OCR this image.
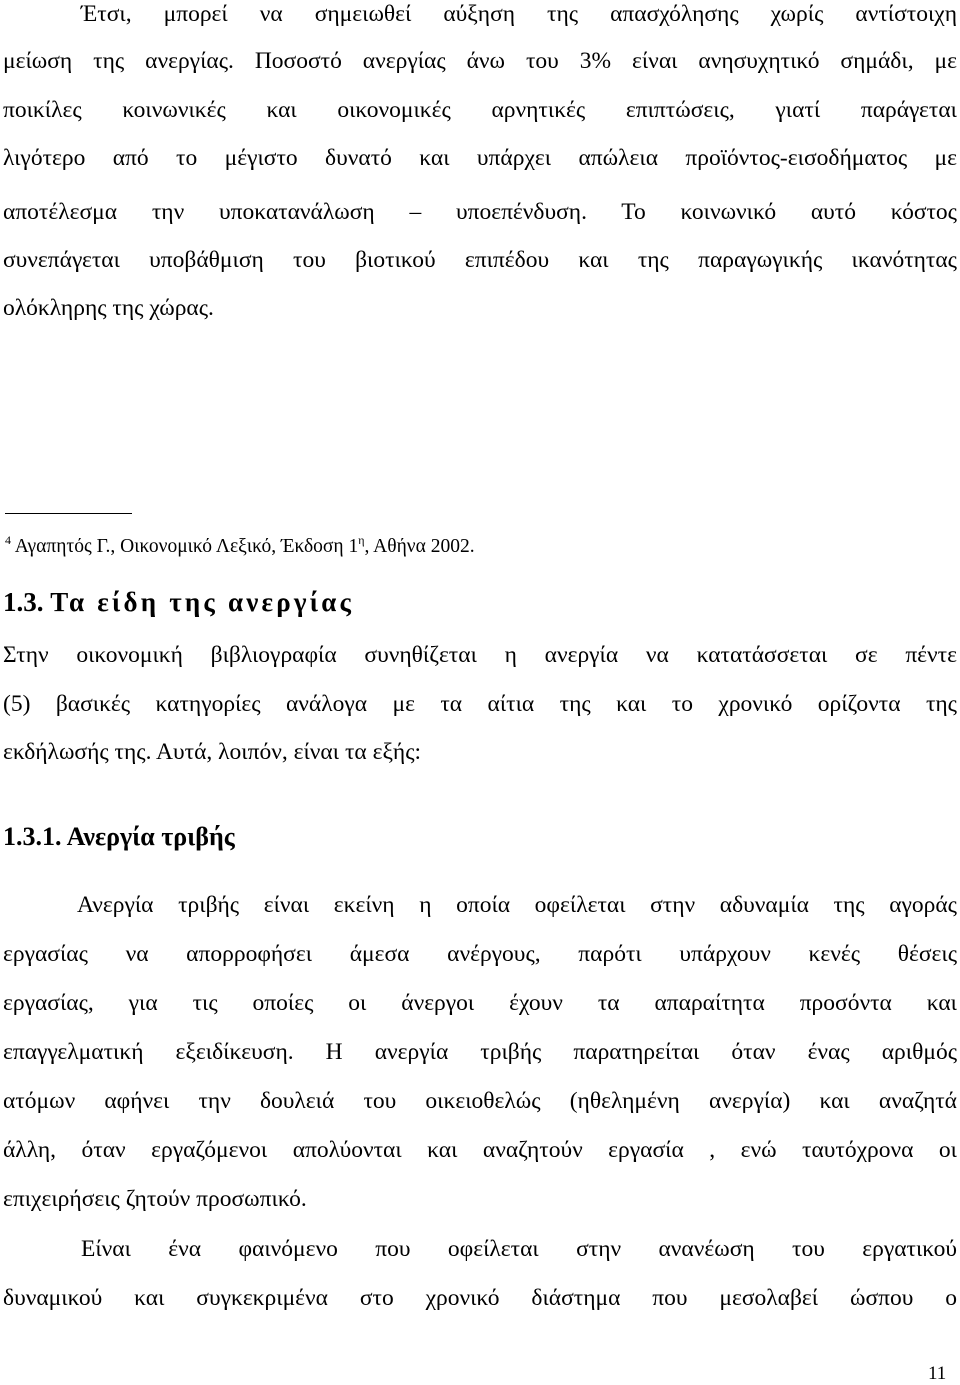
Έτσι, μπορεί να σημειωθεί αύξηση της απασχόλησης χωρίς αντίστοιχη
μείωση της ανεργίας. Ποσοστό ανεργίας άνω του 3% είναι ανησυχητικό σημάδι, με
ποικίλες κοινωνικές και οικονομικές αρνητικές επιπτώσεις, γιατί παράγεται
λιγότερο από το μέγιστο δυνατό και υπάρχει απώλεια προϊόντος-εισοδήματος με
αποτέλεσμα την υποκατανάλωση – υποεπένδυση. Το κοινωνικό αυτό κόστος
συνεπάγεται υποβάθμιση του βιοτικού επιπέδου και της παραγωγικής ικανότητας
ολόκληρης της χώρας.
$^4$ Αγαπητός Γ., Οικονομικό Λεξικό, Έκδοση $1^\eta$, Αθήνα 2002.
1.3. Τα είδη της ανεργίας
Στην οικονομική βιβλιογραφία συνηθίζεται η ανεργία να κατατάσσεται σε πέντε
(5) βασικές κατηγορίες ανάλογα με τα αίτια της και το χρονικό ορίζοντα της
εκδήλωσής της. Αυτά, λοιπόν, είναι τα εξής:
1.3.1. Ανεργία τριβής
Ανεργία τριβής είναι εκείνη η οποία οφείλεται στην αδυναμία της αγοράς
εργασίας να απορροφήσει άμεσα ανέργους, παρότι υπάρχουν κενές θέσεις
εργασίας, για τις οποίες οι άνεργοι έχουν τα απαραίτητα προσόντα και
επαγγελματική εξειδίκευση. Η ανεργία τριβής παρατηρείται όταν ένας αριθμός
ατόμων αφήνει την δουλειά του οικειοθελώς (ηθελημένη ανεργία) και αναζητά
άλλη, όταν εργαζόμενοι απολύονται και αναζητούν εργασία , ενώ ταυτόχρονα οι
επιχειρήσεις ζητούν προσωπικό.
Είναι ένα φαινόμενο που οφείλεται στην ανανέωση του εργατικού
δυναμικού και συγκεκριμένα στο χρονικό διάστημα που μεσολαβεί ώσπου ο
11
